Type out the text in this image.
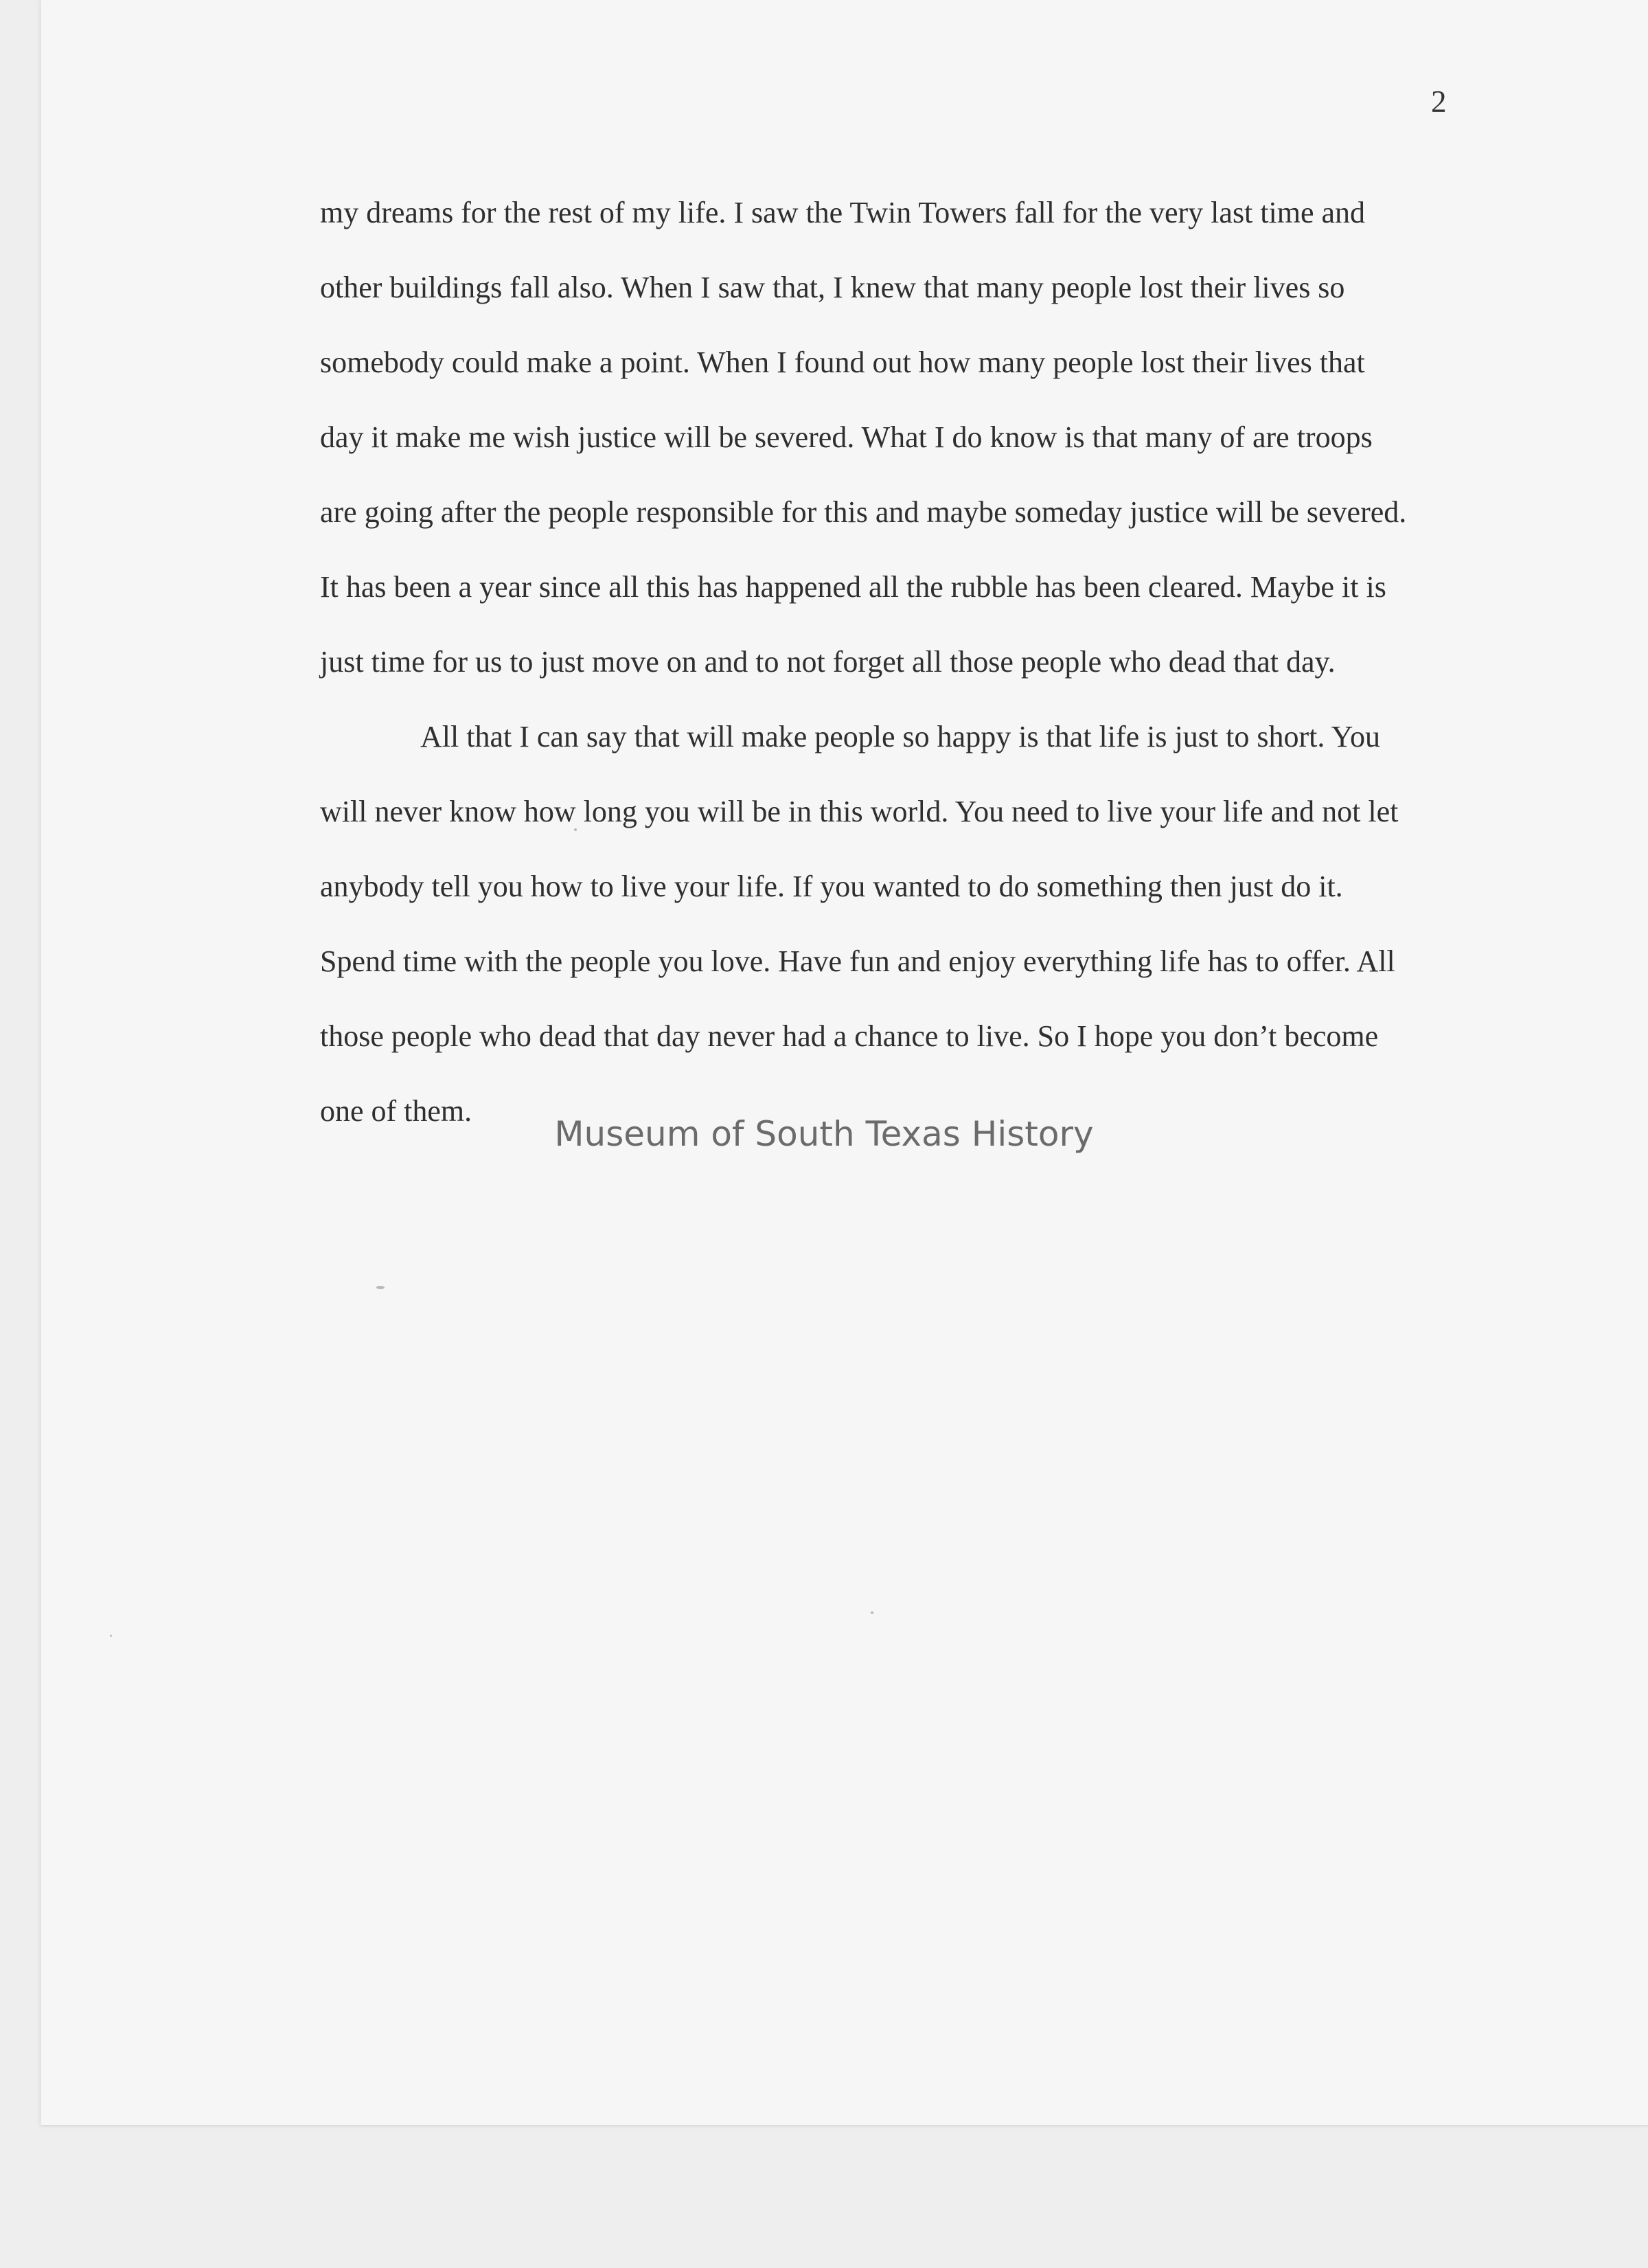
2
my dreams for the rest of my life. I saw the Twin Towers fall for the very last time and
other buildings fall also. When I saw that, I knew that many people lost their lives so
somebody could make a point. When I found out how many people lost their lives that
day it make me wish justice will be severed. What I do know is that many of are troops
are going after the people responsible for this and maybe someday justice will be severed.
It has been a year since all this has happened all the rubble has been cleared. Maybe it is
just time for us to just move on and to not forget all those people who dead that day.
All that I can say that will make people so happy is that life is just to short. You
will never know how long you will be in this world. You need to live your life and not let
anybody tell you how to live your life. If you wanted to do something then just do it.
Spend time with the people you love. Have fun and enjoy everything life has to offer. All
those people who dead that day never had a chance to live. So I hope you don’t become
one of them.
Museum of South Texas History
